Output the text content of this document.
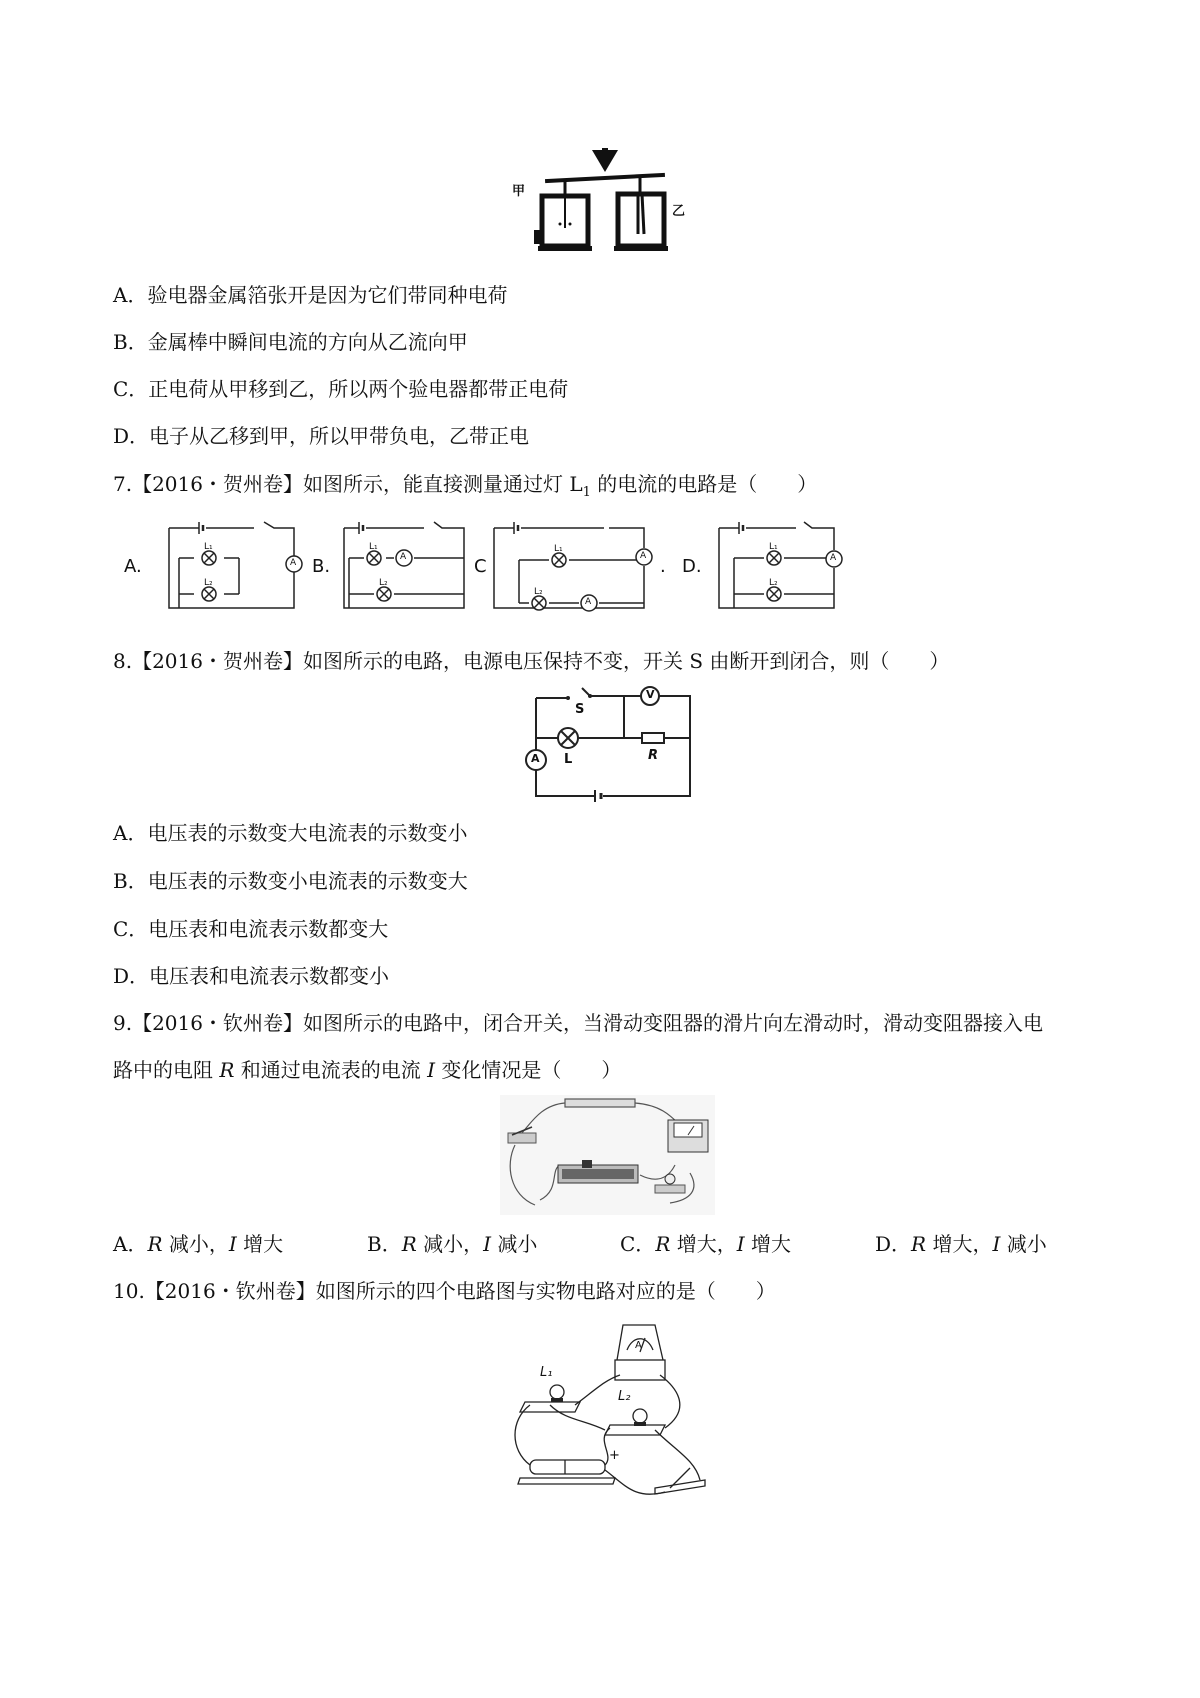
甲
乙
A．验电器金属箔张开是因为它们带同种电荷
B．金属棒中瞬间电流的方向从乙流向甲
C．正电荷从甲移到乙，所以两个验电器都带正电荷
D．电子从乙移到甲，所以甲带负电，乙带正电
7.【2016・贺州卷】如图所示，能直接测量通过灯 $L_1$ 的电流的电路是（　　）
A.	B.	C	. D.
A
A	A
A
A
L₁
L₂
L₁
L₂
L₁
L₂
L₁
L₂
8.【2016・贺州卷】如图所示的电路，电源电压保持不变，开关 S 由断开到闭合，则（　　）
S
V
A L	R
A．电压表的示数变大电流表的示数变小
B．电压表的示数变小电流表的示数变大
C．电压表和电流表示数都变大
D．电压表和电流表示数都变小
9.【2016・钦州卷】如图所示的电路中，闭合开关，当滑动变阻器的滑片向左滑动时，滑动变阻器接入电
路中的电阻 R 和通过电流表的电流 I 变化情况是（　　）
A．R 减小，I 增大	B．R 减小，I 减小	C．R 增大，I 增大	D．R 增大，I 减小
10.【2016・钦州卷】如图所示的四个电路图与实物电路对应的是（　　）
L₁
L₂
A
+
